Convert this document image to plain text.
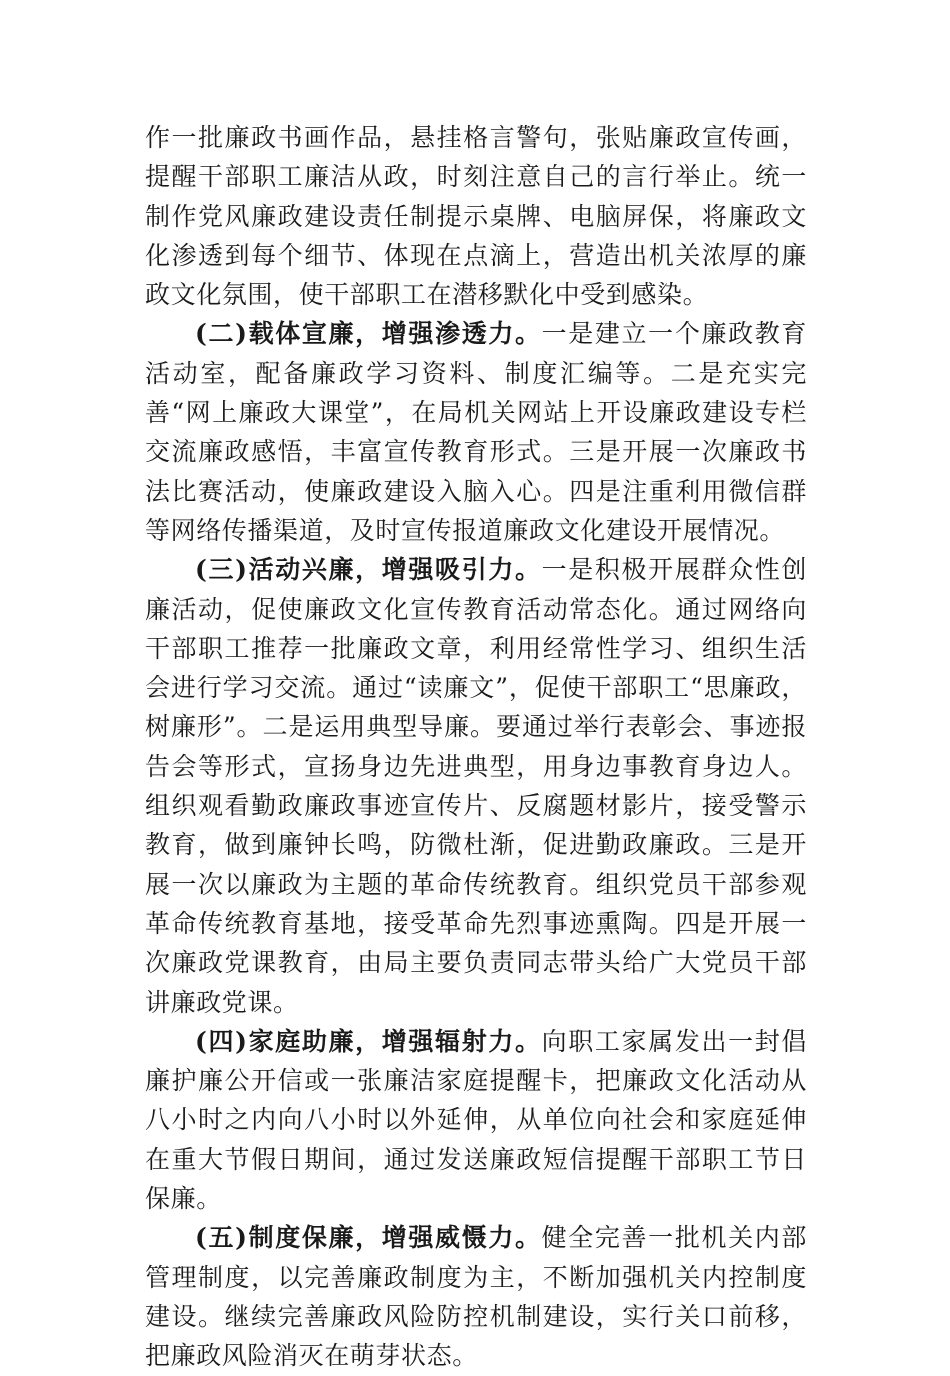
作一批廉政书画作品，悬挂格言警句，张贴廉政宣传画，提醒干部职工廉洁从政，时刻注意自己的言行举止。统一制作党风廉政建设责任制提示桌牌、电脑屏保，将廉政文化渗透到每个细节、体现在点滴上，营造出机关浓厚的廉政文化氛围，使干部职工在潜移默化中受到感染。

(二)载体宣廉，增强渗透力。一是建立一个廉政教育活动室，配备廉政学习资料、制度汇编等。二是充实完善“网上廉政大课堂”，在局机关网站上开设廉政建设专栏交流廉政感悟，丰富宣传教育形式。三是开展一次廉政书法比赛活动，使廉政建设入脑入心。四是注重利用微信群等网络传播渠道，及时宣传报道廉政文化建设开展情况。

(三)活动兴廉，增强吸引力。一是积极开展群众性创廉活动，促使廉政文化宣传教育活动常态化。通过网络向干部职工推荐一批廉政文章，利用经常性学习、组织生活会进行学习交流。通过“读廉文”，促使干部职工“思廉政，树廉形”。二是运用典型导廉。要通过举行表彰会、事迹报告会等形式，宣扬身边先进典型，用身边事教育身边人。组织观看勤政廉政事迹宣传片、反腐题材影片，接受警示教育，做到廉钟长鸣，防微杜渐，促进勤政廉政。三是开展一次以廉政为主题的革命传统教育。组织党员干部参观革命传统教育基地，接受革命先烈事迹熏陶。四是开展一次廉政党课教育，由局主要负责同志带头给广大党员干部讲廉政党课。

(四)家庭助廉，增强辐射力。向职工家属发出一封倡廉护廉公开信或一张廉洁家庭提醒卡，把廉政文化活动从八小时之内向八小时以外延伸，从单位向社会和家庭延伸在重大节假日期间，通过发送廉政短信提醒干部职工节日保廉。

(五)制度保廉，增强威慑力。健全完善一批机关内部管理制度，以完善廉政制度为主，不断加强机关内控制度建设。继续完善廉政风险防控机制建设，实行关口前移，把廉政风险消灭在萌芽状态。
